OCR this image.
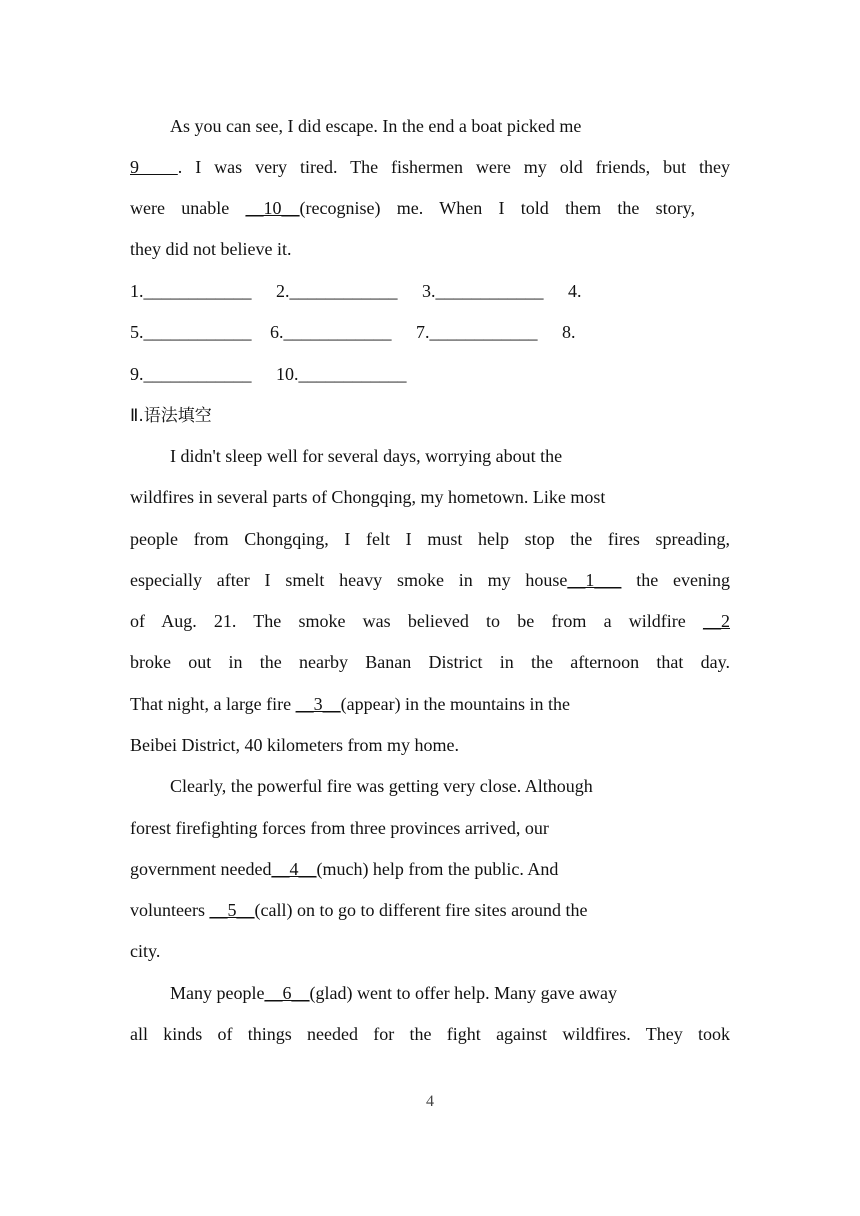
As you can see, I did escape. In the end a boat picked me
9 . I was very tired. The fishermen were my old friends, but they
were unable __10__(recognise) me. When I told them the story,
they did not believe it.
1.____________ 2.____________ 3.____________ 4.
5.____________ 6.____________ 7.____________ 8.
9.____________ 10.____________
Ⅱ.语法填空
I didn't sleep well for several days, worrying about the
wildfires in several parts of Chongqing, my hometown. Like most
people from Chongqing, I felt I must help stop the fires spreading,
especially after I smelt heavy smoke in my house__1___ the evening
of Aug. 21. The smoke was believed to be from a wildfire __2
broke out in the nearby Banan District in the afternoon that day.
That night, a large fire __3__(appear) in the mountains in the
Beibei District, 40 kilometers from my home.
Clearly, the powerful fire was getting very close. Although
forest firefighting forces from three provinces arrived, our
government needed__4__(much) help from the public. And
volunteers __5__(call) on to go to different fire sites around the
city.
Many people__6__(glad) went to offer help. Many gave away
all kinds of things needed for the fight against wildfires. They took
4
